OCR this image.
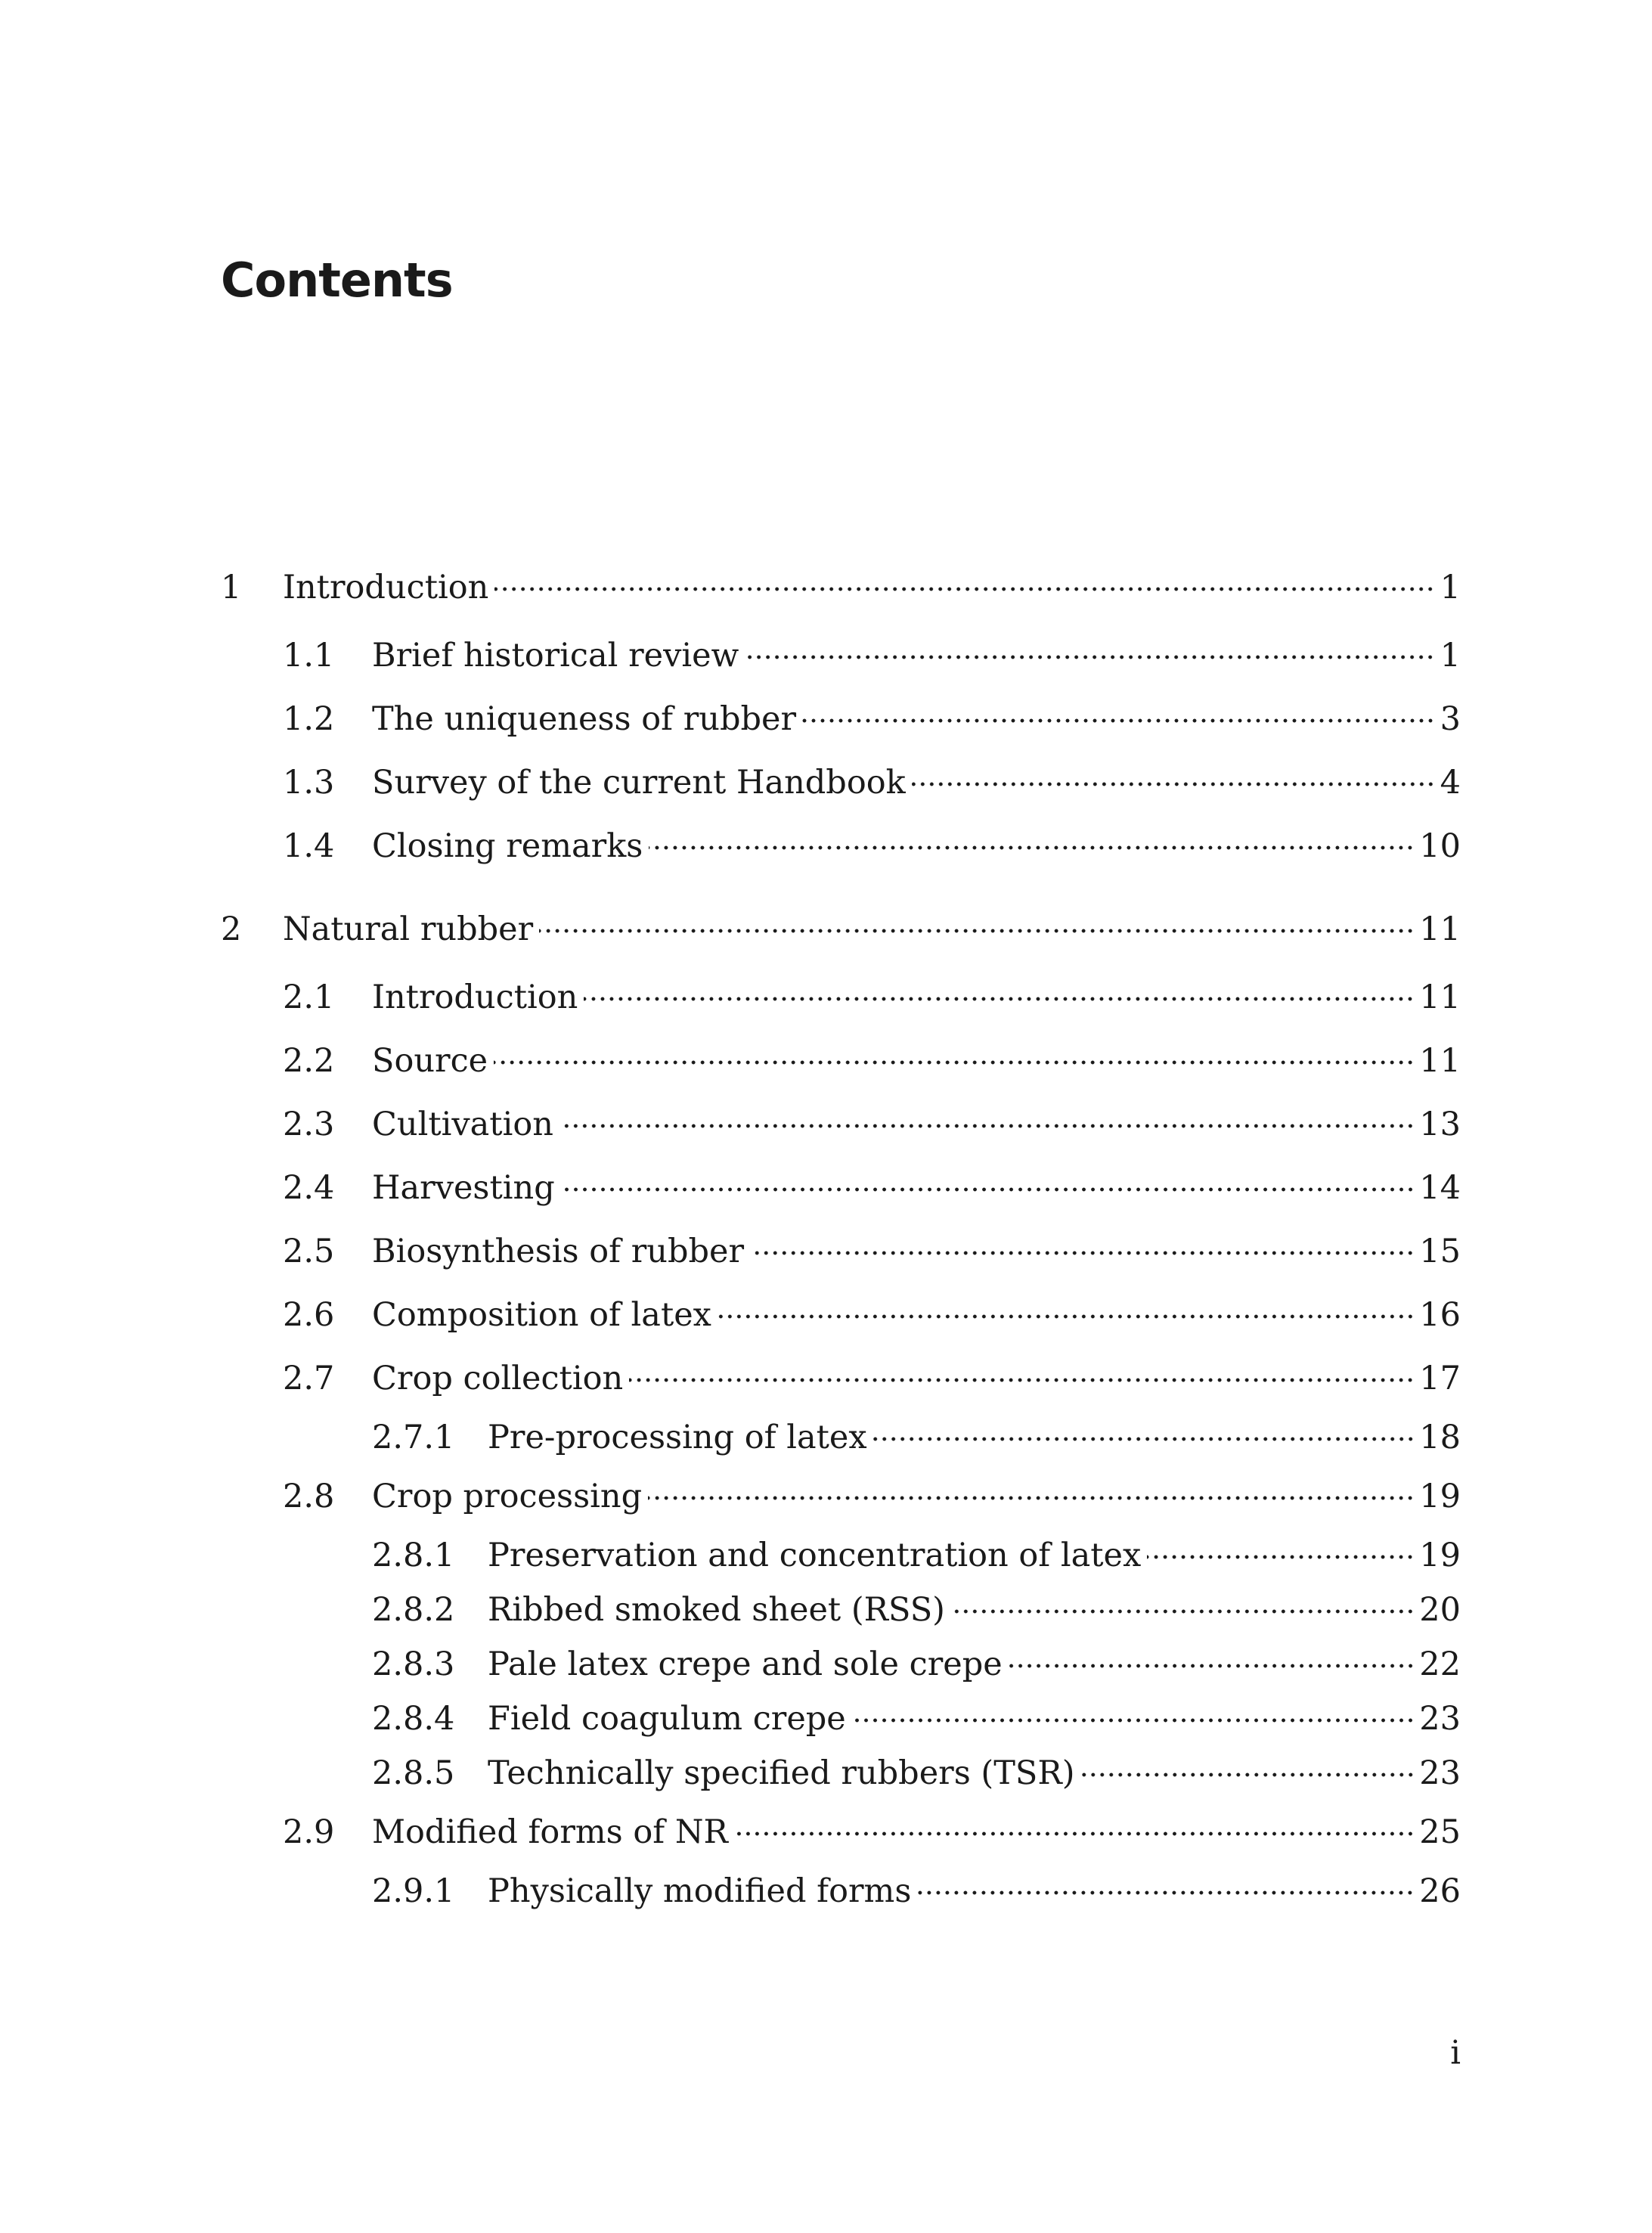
Contents
1	Introduction	1
1.1	Brief historical review	1
1.2	The uniqueness of rubber	3
1.3	Survey of the current Handbook	4
1.4	Closing remarks	10
2	Natural rubber	11
2.1	Introduction	11
2.2	Source	11
2.3	Cultivation	13
2.4	Harvesting	14
2.5	Biosynthesis of rubber	15
2.6	Composition of latex	16
2.7	Crop collection	17
2.7.1	Pre-processing of latex	18
2.8	Crop processing	19
2.8.1	Preservation and concentration of latex	19
2.8.2	Ribbed smoked sheet (RSS)	20
2.8.3	Pale latex crepe and sole crepe	22
2.8.4	Field coagulum crepe	23
2.8.5	Technically specified rubbers (TSR)	23
2.9	Modified forms of NR	25
2.9.1	Physically modified forms	26
i
